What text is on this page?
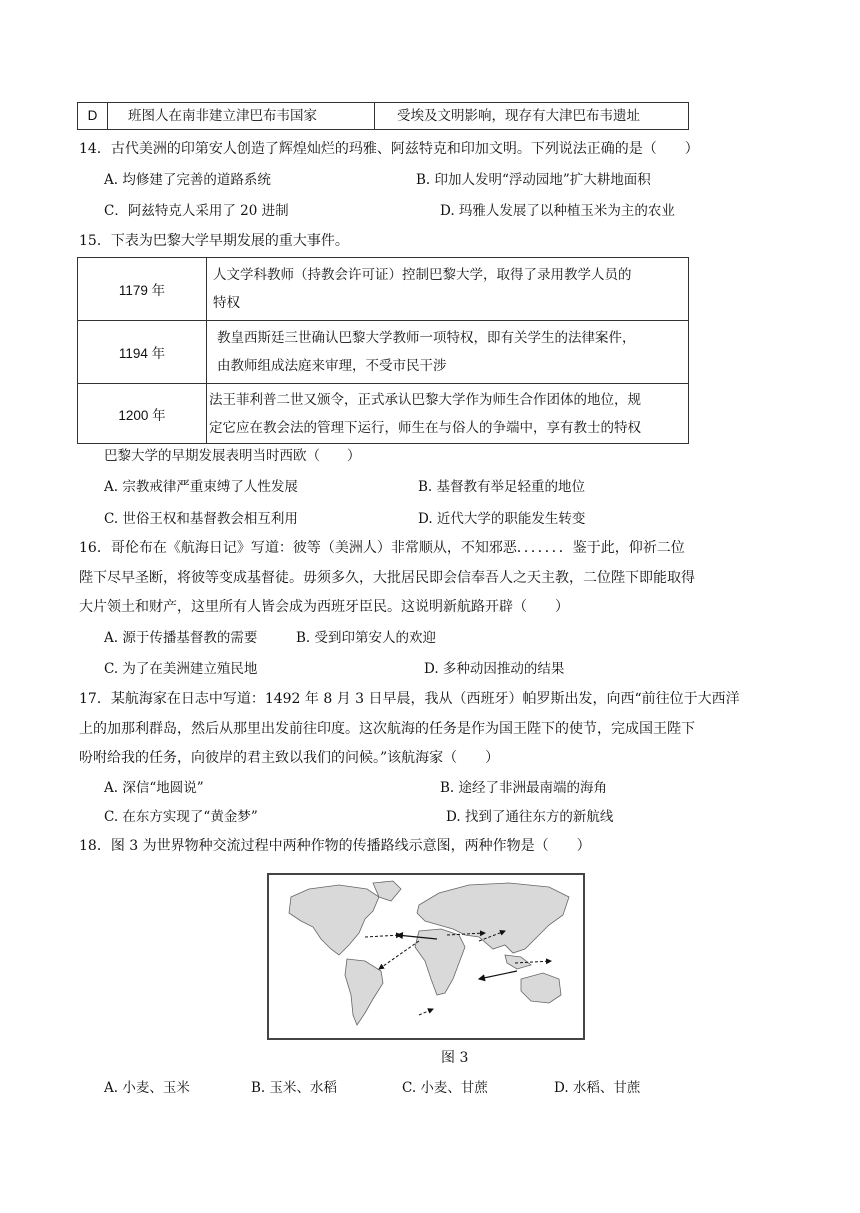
D	班图人在南非建立津巴布韦国家	受埃及文明影响，现存有大津巴布韦遗址
14．古代美洲的印第安人创造了辉煌灿烂的玛雅、阿兹特克和印加文明。下列说法正确的是（　　）
A. 均修建了完善的道路系统	B. 印加人发明“浮动园地”扩大耕地面积
C．阿兹特克人采用了 20 进制	D. 玛雅人发展了以种植玉米为主的农业
15．下表为巴黎大学早期发展的重大事件。
1179 年	人文学科教师（持教会许可证）控制巴黎大学，取得了录用教学人员的
特权

1194 年	教皇西斯廷三世确认巴黎大学教师一项特权，即有关学生的法律案件，
由教师组成法庭来审理，不受市民干涉

1200 年	法王菲利普二世又颁令，正式承认巴黎大学作为师生合作团体的地位，规
定它应在教会法的管理下运行，师生在与俗人的争端中，享有教士的特权
巴黎大学的早期发展表明当时西欧（　　）
A. 宗教戒律严重束缚了人性发展	B. 基督教有举足轻重的地位
C. 世俗王权和基督教会相互利用	D. 近代大学的职能发生转变
16．哥伦布在《航海日记》写道：彼等（美洲人）非常顺从，不知邪恶．．．．．．．鉴于此，仰祈二位
陛下尽早圣断，将彼等变成基督徒。毋须多久，大批居民即会信奉吾人之天主教，二位陛下即能取得
大片领土和财产，这里所有人皆会成为西班牙臣民。这说明新航路开辟（　　）
A. 源于传播基督教的需要	B. 受到印第安人的欢迎
C. 为了在美洲建立殖民地	D. 多种动因推动的结果
17．某航海家在日志中写道：1492 年 8 月 3 日早晨，我从（西班牙）帕罗斯出发，向西“前往位于大西洋
上的加那利群岛，然后从那里出发前往印度。这次航海的任务是作为国王陛下的使节，完成国王陛下
吩咐给我的任务，向彼岸的君主致以我们的问候。”该航海家（　　）
A. 深信“地圆说”	B. 途经了非洲最南端的海角
C. 在东方实现了“黄金梦”	D. 找到了通往东方的新航线
18．图 3 为世界物种交流过程中两种作物的传播路线示意图，两种作物是（　　）
图 3
A. 小麦、玉米	B. 玉米、水稻	C. 小麦、甘蔗	D. 水稻、甘蔗
